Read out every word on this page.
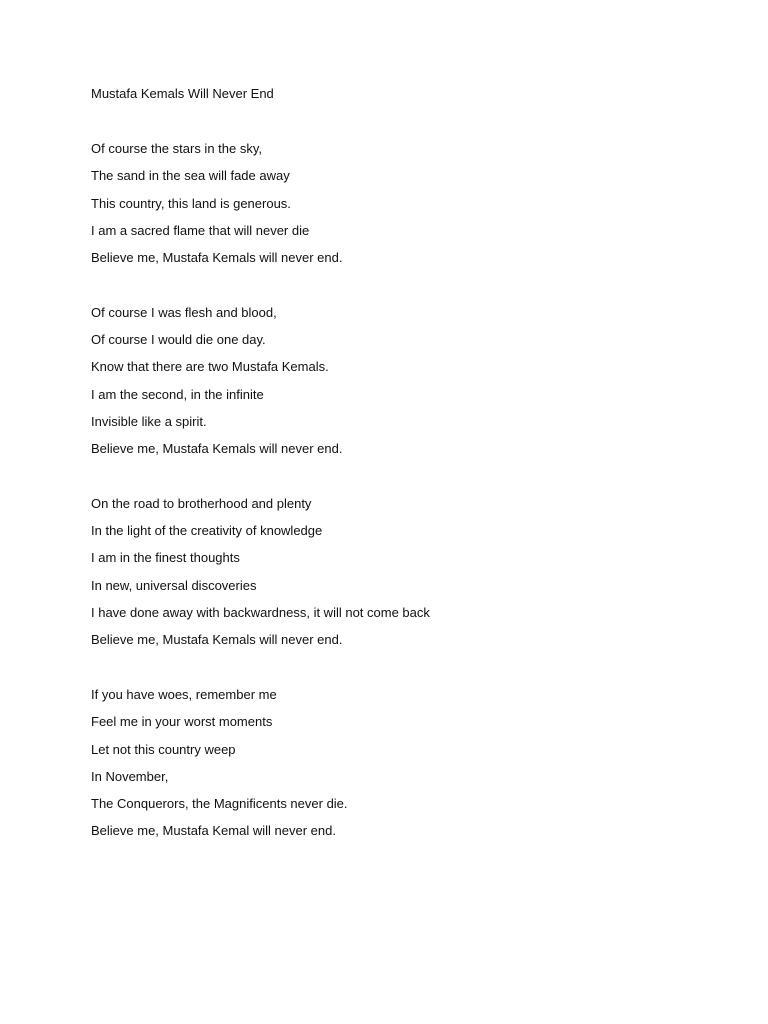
Mustafa Kemals Will Never End
Of course the stars in the sky,
The sand in the sea will fade away
This country, this land is generous.
I am a sacred flame that will never die
Believe me, Mustafa Kemals will never end.
Of course I was flesh and blood,
Of course I would die one day.
Know that there are two Mustafa Kemals.
I am the second, in the infinite
Invisible like a spirit.
Believe me, Mustafa Kemals will never end.
On the road to brotherhood and plenty
In the light of the creativity of knowledge
I am in the finest thoughts
In new, universal discoveries
I have done away with backwardness, it will not come back
Believe me, Mustafa Kemals will never end.
If you have woes, remember me
Feel me in your worst moments
Let not this country weep
In November,
The Conquerors, the Magnificents never die.
Believe me, Mustafa Kemal will never end.
